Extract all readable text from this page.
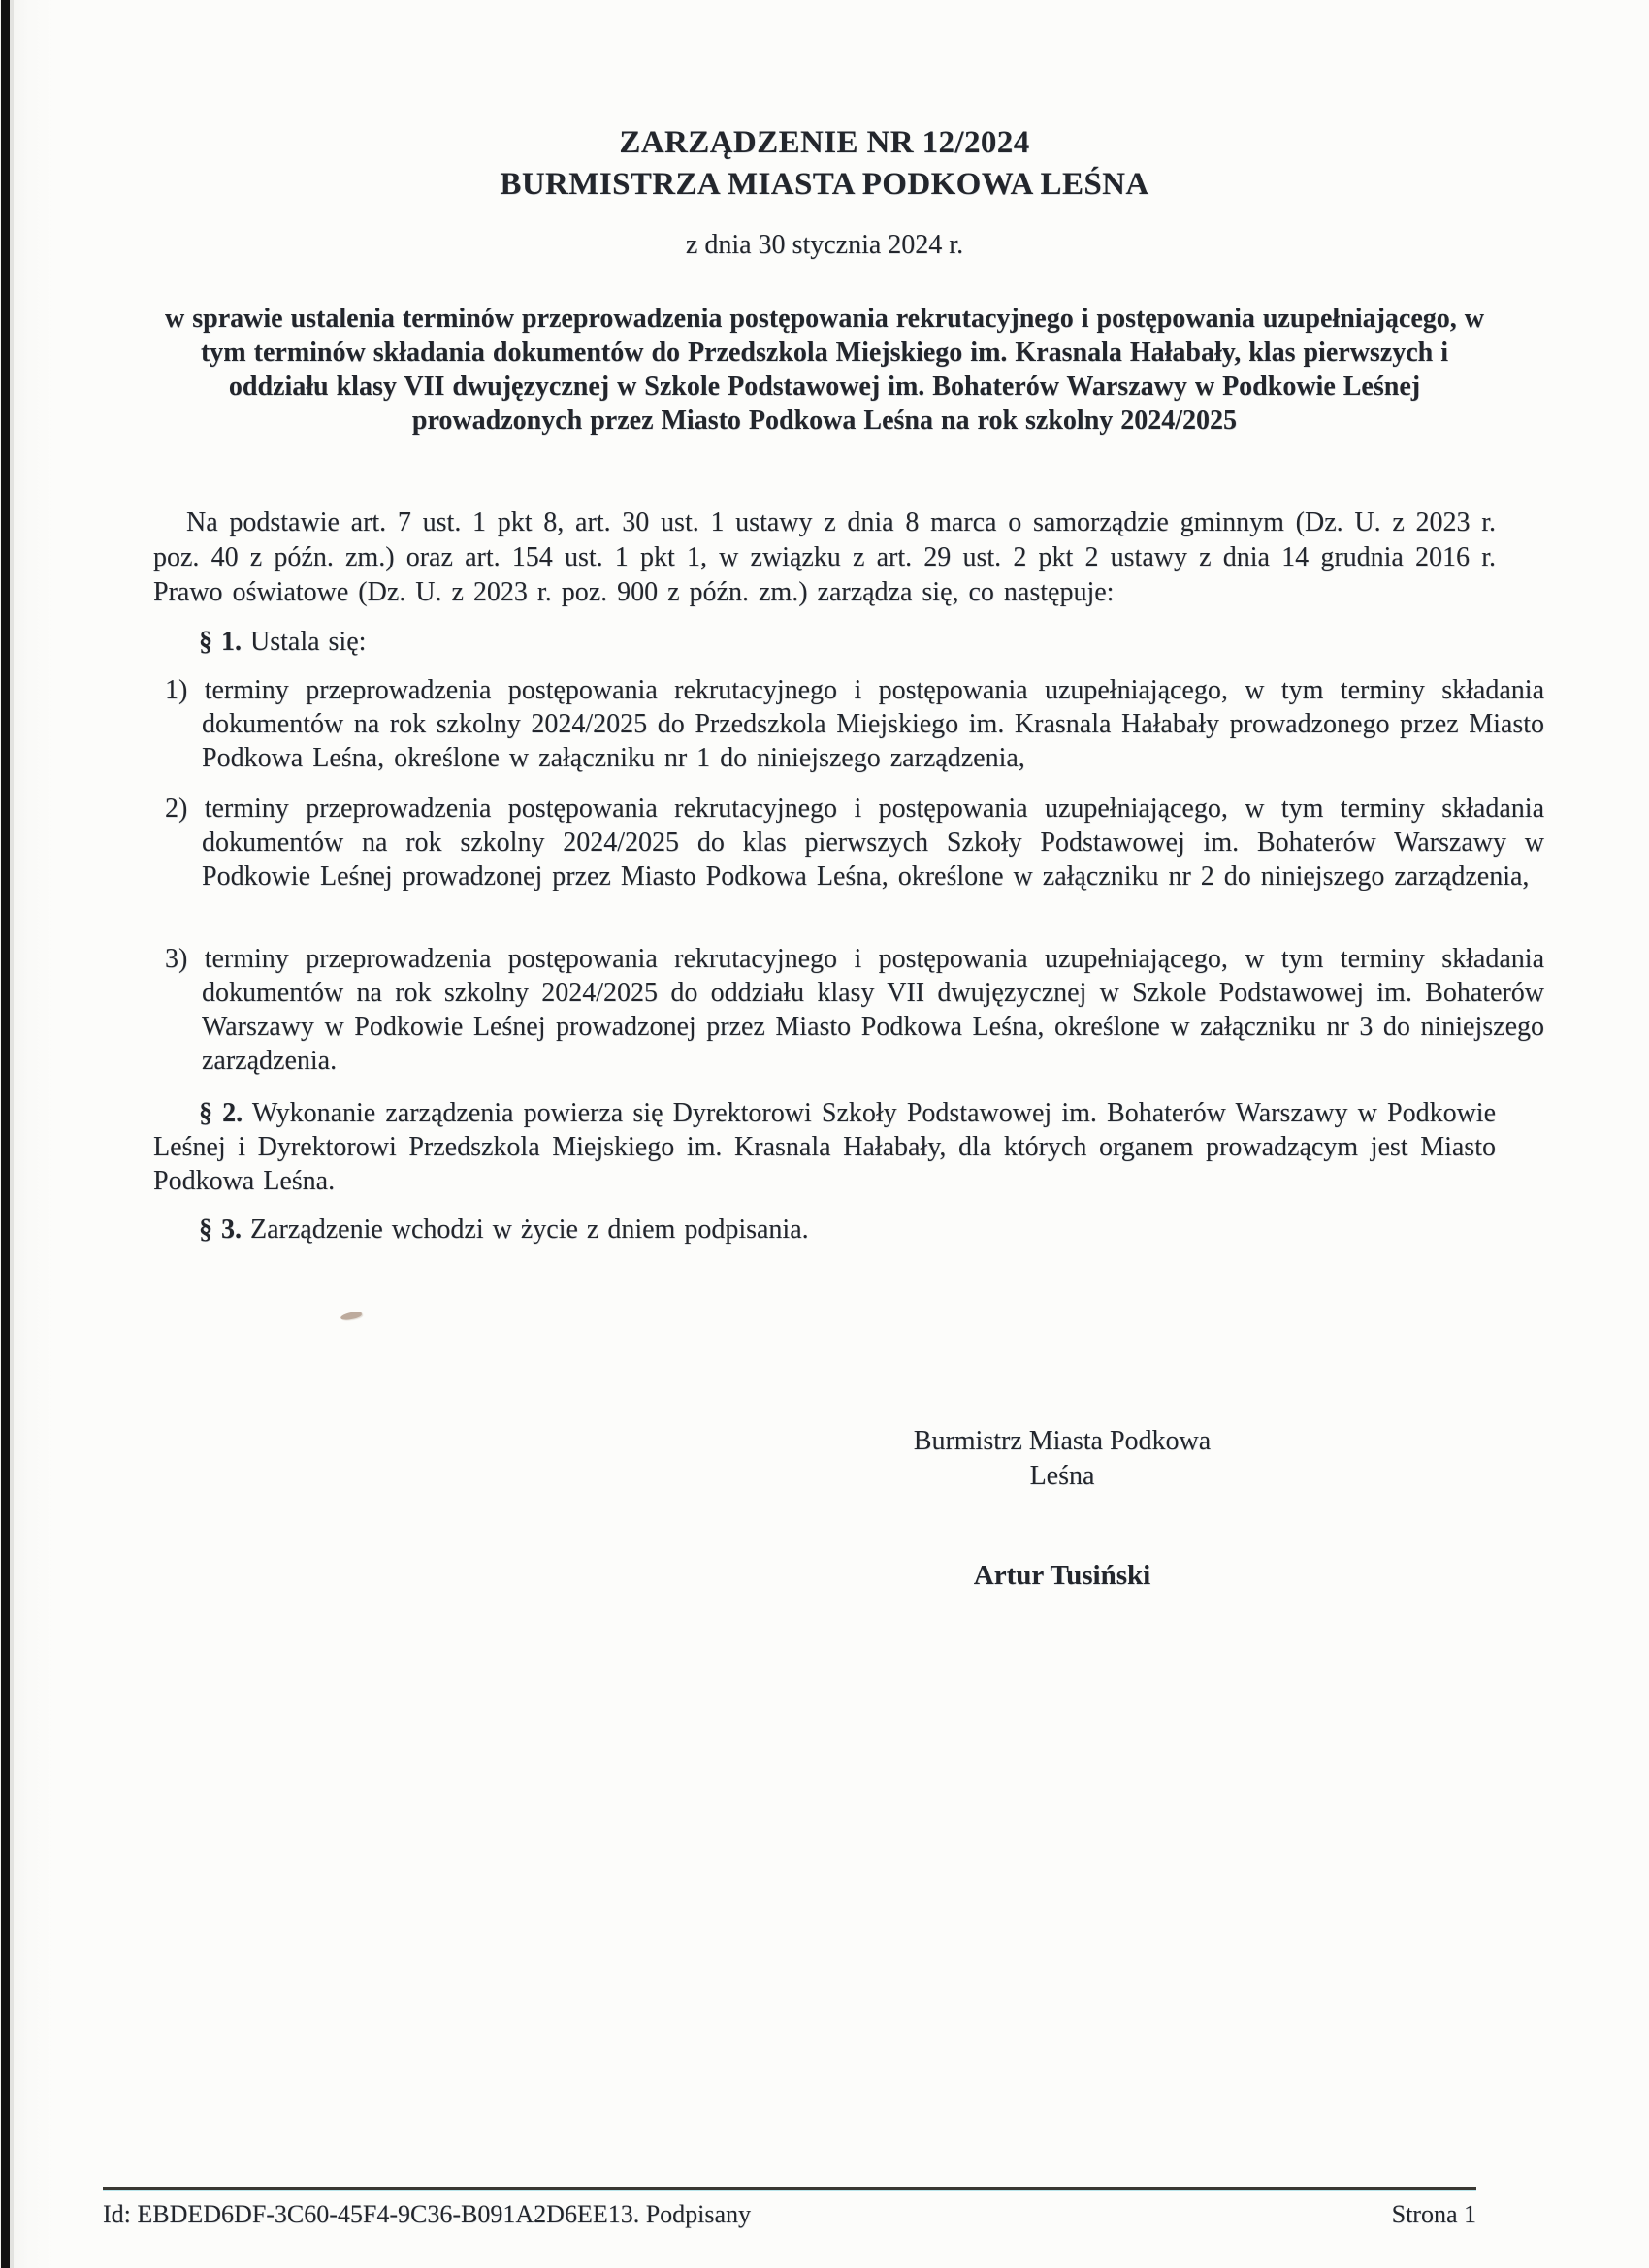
ZARZĄDZENIE NR 12/2024
BURMISTRZA MIASTA PODKOWA LEŚNA
z dnia 30 stycznia 2024 r.
w sprawie ustalenia terminów przeprowadzenia postępowania rekrutacyjnego i postępowania uzupełniającego, w tym terminów składania dokumentów do Przedszkola Miejskiego im. Krasnala Hałabały, klas pierwszych i oddziału klasy VII dwujęzycznej w Szkole Podstawowej im. Bohaterów Warszawy w Podkowie Leśnej prowadzonych przez Miasto Podkowa Leśna na rok szkolny 2024/2025

Na podstawie art. 7 ust. 1 pkt 8, art. 30 ust. 1 ustawy z dnia 8 marca o samorządzie gminnym (Dz. U. z 2023 r. poz. 40 z późn. zm.) oraz art. 154 ust. 1 pkt 1, w związku z art. 29 ust. 2 pkt 2 ustawy z dnia 14 grudnia 2016 r. Prawo oświatowe (Dz. U. z 2023 r. poz. 900 z późn. zm.) zarządza się, co następuje:

§ 1. Ustala się:

1) terminy przeprowadzenia postępowania rekrutacyjnego i postępowania uzupełniającego, w tym terminy składania dokumentów na rok szkolny 2024/2025 do Przedszkola Miejskiego im. Krasnala Hałabały prowadzonego przez Miasto Podkowa Leśna, określone w załączniku nr 1 do niniejszego zarządzenia,

2) terminy przeprowadzenia postępowania rekrutacyjnego i postępowania uzupełniającego, w tym terminy składania dokumentów na rok szkolny 2024/2025 do klas pierwszych Szkoły Podstawowej im. Bohaterów Warszawy w Podkowie Leśnej prowadzonej przez Miasto Podkowa Leśna, określone w załączniku nr 2 do niniejszego zarządzenia,

3) terminy przeprowadzenia postępowania rekrutacyjnego i postępowania uzupełniającego, w tym terminy składania dokumentów na rok szkolny 2024/2025 do oddziału klasy VII dwujęzycznej w Szkole Podstawowej im. Bohaterów Warszawy w Podkowie Leśnej prowadzonej przez Miasto Podkowa Leśna, określone w załączniku nr 3 do niniejszego zarządzenia.

§ 2. Wykonanie zarządzenia powierza się Dyrektorowi Szkoły Podstawowej im. Bohaterów Warszawy w Podkowie Leśnej i Dyrektorowi Przedszkola Miejskiego im. Krasnala Hałabały, dla których organem prowadzącym jest Miasto Podkowa Leśna.

§ 3. Zarządzenie wchodzi w życie z dniem podpisania.

Burmistrz Miasta Podkowa
Leśna
Artur Tusiński
Id: EBDED6DF-3C60-45F4-9C36-B091A2D6EE13. Podpisany	Strona 1
